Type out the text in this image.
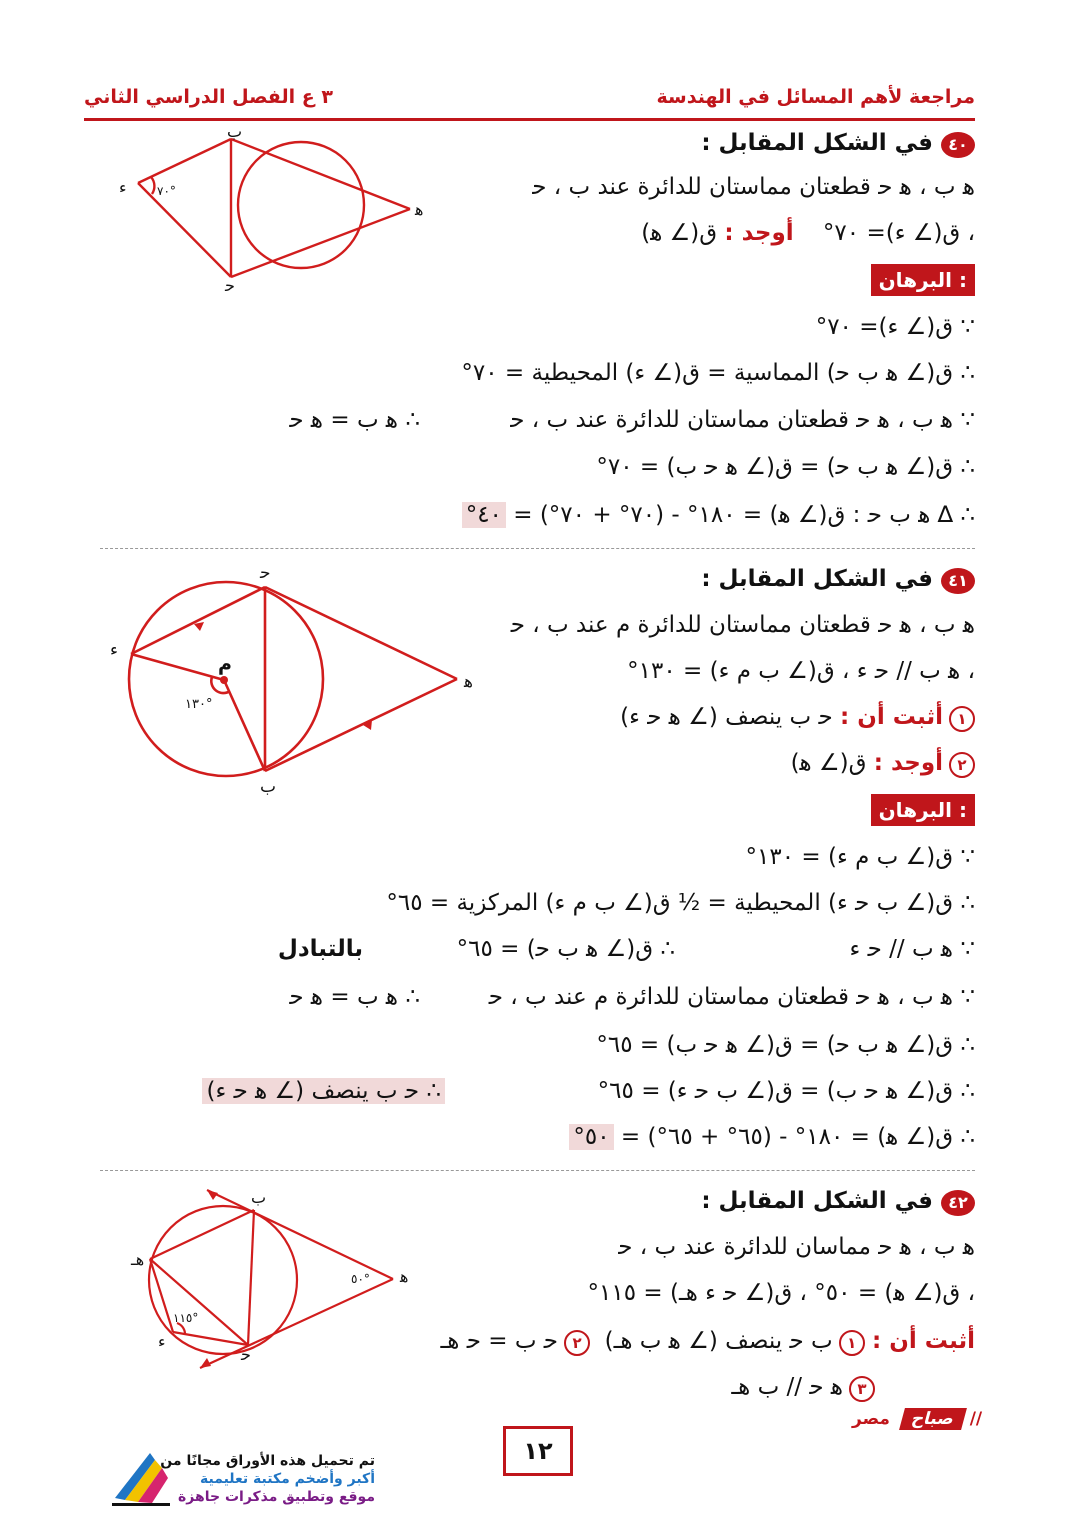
مراجعة لأهم المسائل في الهندسة
٣ ع الفصل الدراسي الثاني
٤٠في الشكل المقابل :
ﻫ ب ، ﻫ ﺣ قطعتان مماستان للدائرة عند ب ، ﺣ
، ق(∠ ء)= ٧٠°    أوجد : ق(∠ ﻫ)
البرهان :
∵ ق(∠ ء)= ٧٠°
∴ ق(∠ ﻫ ب ﺣ) المماسية = ق(∠ ء) المحيطية = ٧٠°
∵ ﻫ ب ، ﻫ ﺣ قطعتان مماستان للدائرة عند ب ، ﺣ
∴ ﻫ ب = ﻫ ﺣ
∴ ق(∠ ﻫ ب ﺣ) = ق(∠ ﻫ ﺣ ب) = ٧٠°
∴ ∆ ﻫ ب ﺣ : ق(∠ ﻫ) = ١٨٠° - (٧٠° + ٧٠°) = ٤٠°
٧٠°
ﻫ
ب
ﺣ
ء
٤١في الشكل المقابل :
ﻫ ب ، ﻫ ﺣ قطعتان مماستان للدائرة م عند ب ، ﺣ
، ﻫ ب // ﺣ ء ، ق(∠ ب م ء) = ١٣٠°
١أثبت أن : ﺣ ب ينصف (∠ ﻫ ﺣ ء)
٢أوجد : ق(∠ ﻫ)
البرهان :
∵ ق(∠ ب م ء) = ١٣٠°
∴ ق(∠ ب ﺣ ء) المحيطية = ½ ق(∠ ب م ء) المركزية = ٦٥°
∵ ﻫ ب // ﺣ ء
∴ ق(∠ ﻫ ب ﺣ) = ٦٥°
بالتبادل
∵ ﻫ ب ، ﻫ ﺣ قطعتان مماستان للدائرة م عند ب ، ﺣ
∴ ﻫ ب = ﻫ ﺣ
∴ ق(∠ ﻫ ب ﺣ) = ق(∠ ﻫ ﺣ ب) = ٦٥°
∴ ق(∠ ﻫ ﺣ ب) = ق(∠ ب ﺣ ء) = ٦٥°
∴ ﺣ ب ينصف (∠ ﻫ ﺣ ء)
∴ ق(∠ ﻫ) = ١٨٠° - (٦٥° + ٦٥°) = ٥٠°
١٣٠°
ﻫ
ب
ﺣ
ء
م
٤٢في الشكل المقابل :
ﻫ ب ، ﻫ ﺣ مماسان للدائرة عند ب ، ﺣ
، ق(∠ ﻫ) = ٥٠° ، ق(∠ ﺣ ء ﻫـ) = ١١٥°
أثبت أن : ١ب ﺣ ينصف (∠ ﻫ ب ﻫـ)  ٢ﺣ ب = ﺣ ﻫـ
٣ﻫ ﺣ // ب ﻫـ
٥٠°
١١٥°
ﻫ
ب
ﺣ
ء
ﻫـ
مصر صباح //
١٢
تم تحميل هذه الأوراق مجانًا من
أكبر وأضخم مكتبة تعليمية
موقع وتطبيق مذكرات جاهزة
